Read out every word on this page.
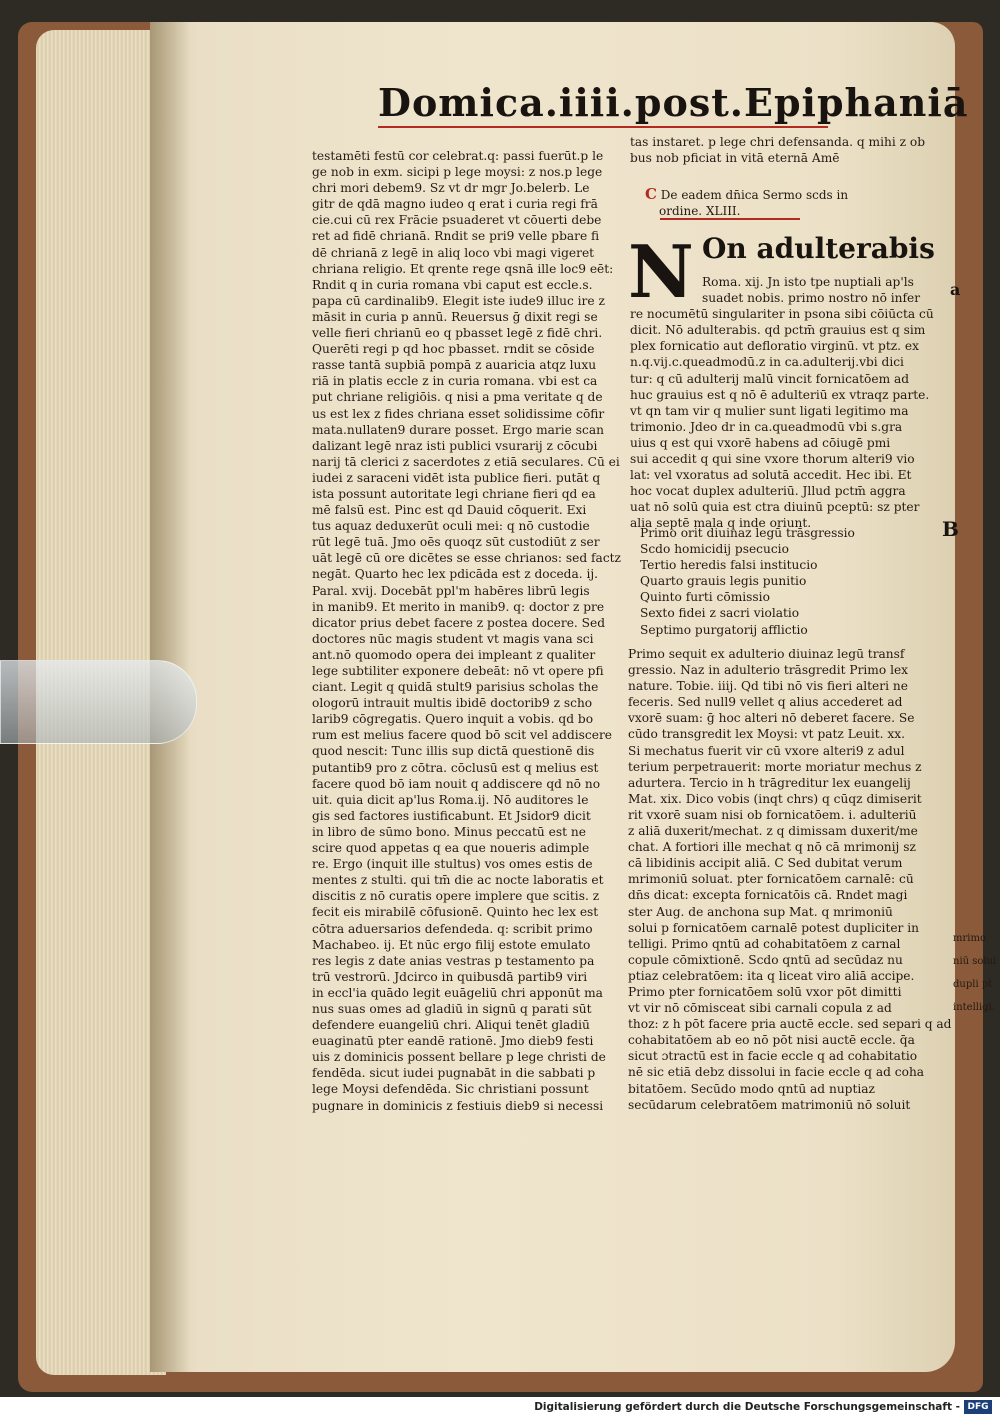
Domica.iiii.post.Epiphaniā

testamēti festū cor celebrat.q: passi fuerūt.p le

ge nob in exm. sicipi p lege moysi: z nos.p lege

chri mori debem9. Sz vt dr mgr Jo.belerb. Le

gitr de qdā magno iudeo q erat i curia regi frā

cie.cui cū rex Frācie psuaderet vt cōuerti debe

ret ad fidē chrianā. Rndit se pri9 velle pbare fi

dē chrianā z legē in aliq loco vbi magi vigeret

chriana religio. Et qrente rege qsnā ille loc9 eēt:

Rndit q in curia romana vbi caput est eccle.s.

papa cū cardinalib9. Elegit iste iude9 illuc ire z

māsit in curia p annū. Reuersus ḡ dixit regi se

velle fieri chrianū eo q pbasset legē z fidē chri.

Querēti regi p qd hoc pbasset. rndit se cōside

rasse tantā supbiā pompā z auaricia atqz luxu

riā in platis eccle z in curia romana. vbi est ca

put chriane religiōis. q nisi a pma veritate q de

us est lex z fides chriana esset solidissime cōfir

mata.nullaten9 durare posset. Ergo marie scan

dalizant legē nraz isti publici vsurarij z cōcubi

narij tā clerici z sacerdotes z etiā seculares. Cū ei

iudei z saraceni vidēt ista publice fieri. putāt q

ista possunt autoritate legi chriane fieri qd ea

mē falsū est. Pinc est qd Dauid cōquerit. Exi

tus aquaz deduxerūt oculi mei: q nō custodie

rūt legē tuā. Jmo oēs quoqz sūt custodiūt z ser

uāt legē cū ore dicētes se esse chrianos: sed factz

negāt. Quarto hec lex pdicāda est z doceda. ij.

Paral. xvij. Docebāt ppl'm habēres librū legis

in manib9. Et merito in manib9. q: doctor z pre

dicator prius debet facere z postea docere. Sed

doctores nūc magis student vt magis vana sci

ant.nō quomodo opera dei impleant z qualiter

lege subtiliter exponere debeāt: nō vt opere pfi

ciant. Legit q quidā stult9 parisius scholas the

ologorū intrauit multis ibidē doctorib9 z scho

larib9 cōgregatis. Quero inquit a vobis. qd bo

rum est melius facere quod bō scit vel addiscere

quod nescit: Tunc illis sup dictā questionē dis

putantib9 pro z cōtra. cōclusū est q melius est

facere quod bō iam nouit q addiscere qd nō no

uit. quia dicit ap'lus Roma.ij. Nō auditores le

gis sed factores iustificabunt. Et Jsidor9 dicit

in libro de sūmo bono. Minus peccatū est ne

scire quod appetas q ea que noueris adimple

re. Ergo (inquit ille stultus) vos omes estis de

mentes z stulti. qui tm̄ die ac nocte laboratis et

discitis z nō curatis opere implere que scitis. z

fecit eis mirabilē cōfusionē. Quinto hec lex est

cōtra aduersarios defendeda. q: scribit primo

Machabeo. ij. Et nūc ergo filij estote emulato

res legis z date anias vestras p testamento pa

trū vestrorū. Jdcirco in quibusdā partib9 viri

in eccl'ia quādo legit euāgeliū chri apponūt ma

nus suas omes ad gladiū in signū q parati sūt

defendere euangeliū chri. Aliqui tenēt gladiū

euaginatū pter eandē rationē. Jmo dieb9 festi

uis z dominicis possent bellare p lege christi de

fendēda. sicut iudei pugnabāt in die sabbati p

lege Moysi defendēda. Sic christiani possunt

pugnare in dominicis z festiuis dieb9 si necessi

tas instaret. p lege chri defensanda. q mihi z ob

bus nob pficiat in vitā eternā Amē

C De eadem dn̄ica Sermo scds in
ordine. XLIII.
N On adulterabis

Roma. xij. Jn isto tpe nuptiali ap'ls

suadet nobis. primo nostro nō infer

re nocumētū singulariter in psona sibi cōiūcta cū

dicit. Nō adulterabis. qd pctm̄ grauius est q sim

plex fornicatio aut defloratio virginū. vt ptz. ex

n.q.vij.c.queadmodū.z in ca.adulterij.vbi dici

tur: q cū adulterij malū vincit fornicatōem ad

huc grauius est q nō ē adulteriū ex vtraqz parte.

vt qn tam vir q mulier sunt ligati legitimo ma

trimonio. Jdeo dr in ca.queadmodū vbi s.gra

uius q est qui vxorē habens ad cōiugē pmi

sui accedit q qui sine vxore thorum alteri9 vio

lat: vel vxoratus ad solutā accedit. Hec ibi. Et

hoc vocat duplex adulteriū. Jllud pctm̄ aggra

uat nō solū quia est ctra diuinū pceptū: sz pter

alia septē mala q inde oriunt.

Primo orit diuinaz legū trāsgressio

Scdo homicidij psecucio

Tertio heredis falsi institucio

Quarto grauis legis punitio

Quinto furti cōmissio

Sexto fidei z sacri violatio

Septimo purgatorij afflictio

Primo sequit ex adulterio diuinaz legū transf

gressio. Naz in adulterio trāsgredit Primo lex

nature. Tobie. iiij. Qd tibi nō vis fieri alteri ne

feceris. Sed null9 vellet q alius accederet ad

vxorē suam: ḡ hoc alteri nō deberet facere. Se

cūdo transgredit lex Moysi: vt patz Leuit. xx.

Si mechatus fuerit vir cū vxore alteri9 z adul

terium perpetrauerit: morte moriatur mechus z

adurtera. Tercio in h trāgreditur lex euangelij

Mat. xix. Dico vobis (inqt chrs) q cūqz dimiserit

rit vxorē suam nisi ob fornicatōem. i. adulteriū

z aliā duxerit/mechat. z q dimissam duxerit/me

chat. A fortiori ille mechat q nō cā mrimonij sz

cā libidinis accipit aliā. C Sed dubitat verum

mrimoniū soluat. pter fornicatōem carnalē: cū

dn̄s dicat: excepta fornicatōis cā. Rndet magi

ster Aug. de anchona sup Mat. q mrimoniū

solui p fornicatōem carnalē potest dupliciter in

telligi. Primo qntū ad cohabitatōem z carnal

copule cōmixtionē. Scdo qntū ad secūdaz nu

ptiaz celebratōem: ita q liceat viro aliā accipe.

Primo pter fornicatōem solū vxor pōt dimitti

vt vir nō cōmisceat sibi carnali copula z ad

thoz: z h pōt facere pria auctē eccle. sed separi q ad

cohabitatōem ab eo nō pōt nisi auctē eccle. q̄a

sicut ɔtractū est in facie eccle q ad cohabitatio

nē sic etiā debz dissolui in facie eccle q ad coha

bitatōem. Secūdo modo qntū ad nuptiaz

secūdarum celebratōem matrimoniū nō soluit

a
B

mrimo

niū solui

dupli pt

intelligi.

Digitalisierung gefördert durch die Deutsche Forschungsgemeinschaft - DFG
